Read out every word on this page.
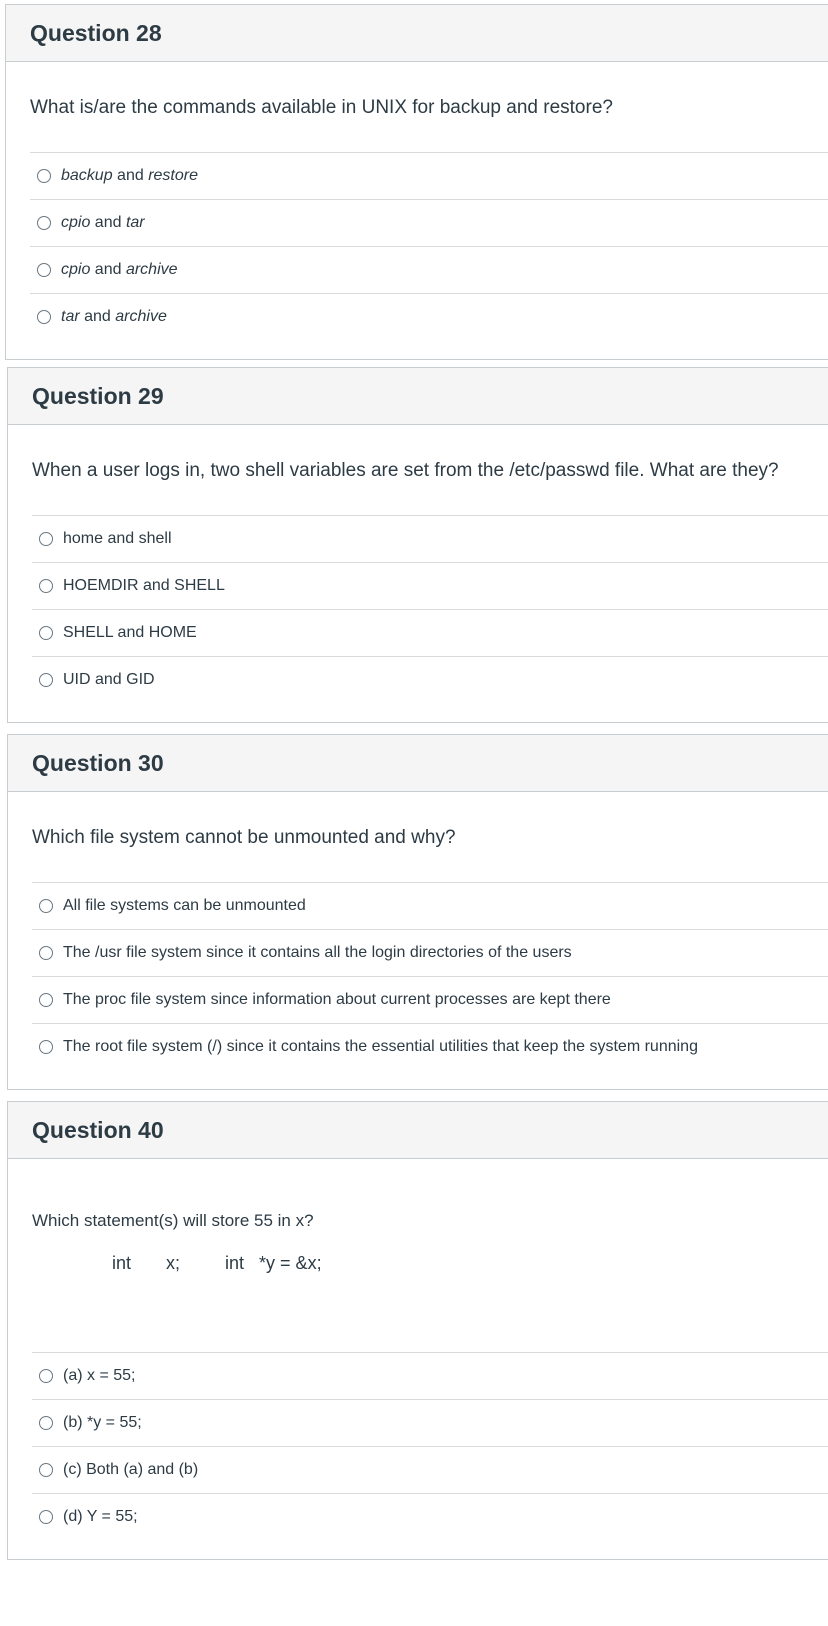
Question 28
What is/are the commands available in UNIX for backup and restore?
backup and restore
cpio and tar
cpio and archive
tar and archive
Question 29
When a user logs in, two shell variables are set from the /etc/passwd file. What are they?
home and shell
HOEMDIR and SHELL
SHELL and HOME
UID and GID
Question 30
Which file system cannot be unmounted and why?
All file systems can be unmounted
The /usr file system since it contains all the login directories of the users
The proc file system since information about current processes are kept there
The root file system (/) since it contains the essential utilities that keep the system running
Question 40
Which statement(s) will store 55 in x?
int       x;         int   *y = &x;
(a) x = 55;
(b) *y = 55;
(c) Both (a) and (b)
(d) Y = 55;
